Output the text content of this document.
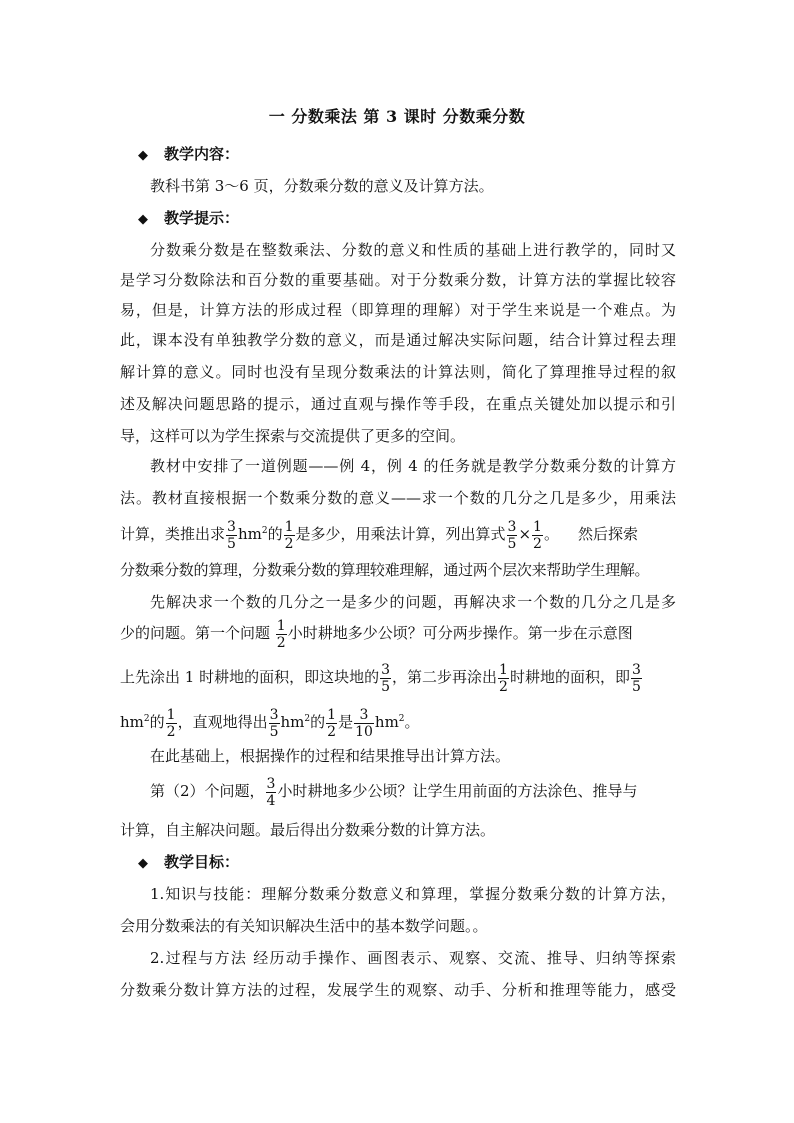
一 分数乘法 第 3 课时 分数乘分数
◆ 教学内容：
教科书第 3～6 页，分数乘分数的意义及计算方法。
◆ 教学提示：
分数乘分数是在整数乘法、分数的意义和性质的基础上进行教学的，同时又
是学习分数除法和百分数的重要基础。对于分数乘分数，计算方法的掌握比较容
易，但是，计算方法的形成过程（即算理的理解）对于学生来说是一个难点。为
此，课本没有单独教学分数的意义，而是通过解决实际问题，结合计算过程去理
解计算的意义。同时也没有呈现分数乘法的计算法则，简化了算理推导过程的叙
述及解决问题思路的提示，通过直观与操作等手段，在重点关键处加以提示和引
导，这样可以为学生探索与交流提供了更多的空间。
教材中安排了一道例题——例 4，例 4 的任务就是教学分数乘分数的计算方
法。教材直接根据一个数乘分数的意义——求一个数的几分之几是多少，用乘法
计算，类推出求 $\frac{3}{5} hm^2$的 $\frac{1}{2}$ 是多少，用乘法计算，列出算式 $\frac{3}{5} \times \frac{1}{2}$ 。    然后探索
分数乘分数的算理，分数乘分数的算理较难理解，通过两个层次来帮助学生理解。
先解决求一个数的几分之一是多少的问题，再解决求一个数的几分之几是多
少的问题。第一个问题 $\frac{1}{2}$ 小时耕地多少公顷？可分两步操作。第一步在示意图
上先涂出 1 时耕地的面积，即这块地的 $\frac{3}{5}$ ，第二步再涂出 $\frac{1}{2}$ 时耕地的面积，即 $\frac{3}{5}$
$hm^2$的 $\frac{1}{2}$ ，直观地得出 $\frac{3}{5} hm^2$的 $\frac{1}{2}$ 是 $\frac{3}{10} hm^2$。
在此基础上，根据操作的过程和结果推导出计算方法。
第（2）个问题， $\frac{3}{4}$ 小时耕地多少公顷？让学生用前面的方法涂色、推导与
计算，自主解决问题。最后得出分数乘分数的计算方法。
◆ 教学目标：
1.知识与技能：理解分数乘分数意义和算理，掌握分数乘分数的计算方法，
会用分数乘法的有关知识解决生活中的基本数学问题。。
2.过程与方法 经历动手操作、画图表示、观察、交流、推导、归纳等探索
分数乘分数计算方法的过程，发展学生的观察、动手、分析和推理等能力，感受
